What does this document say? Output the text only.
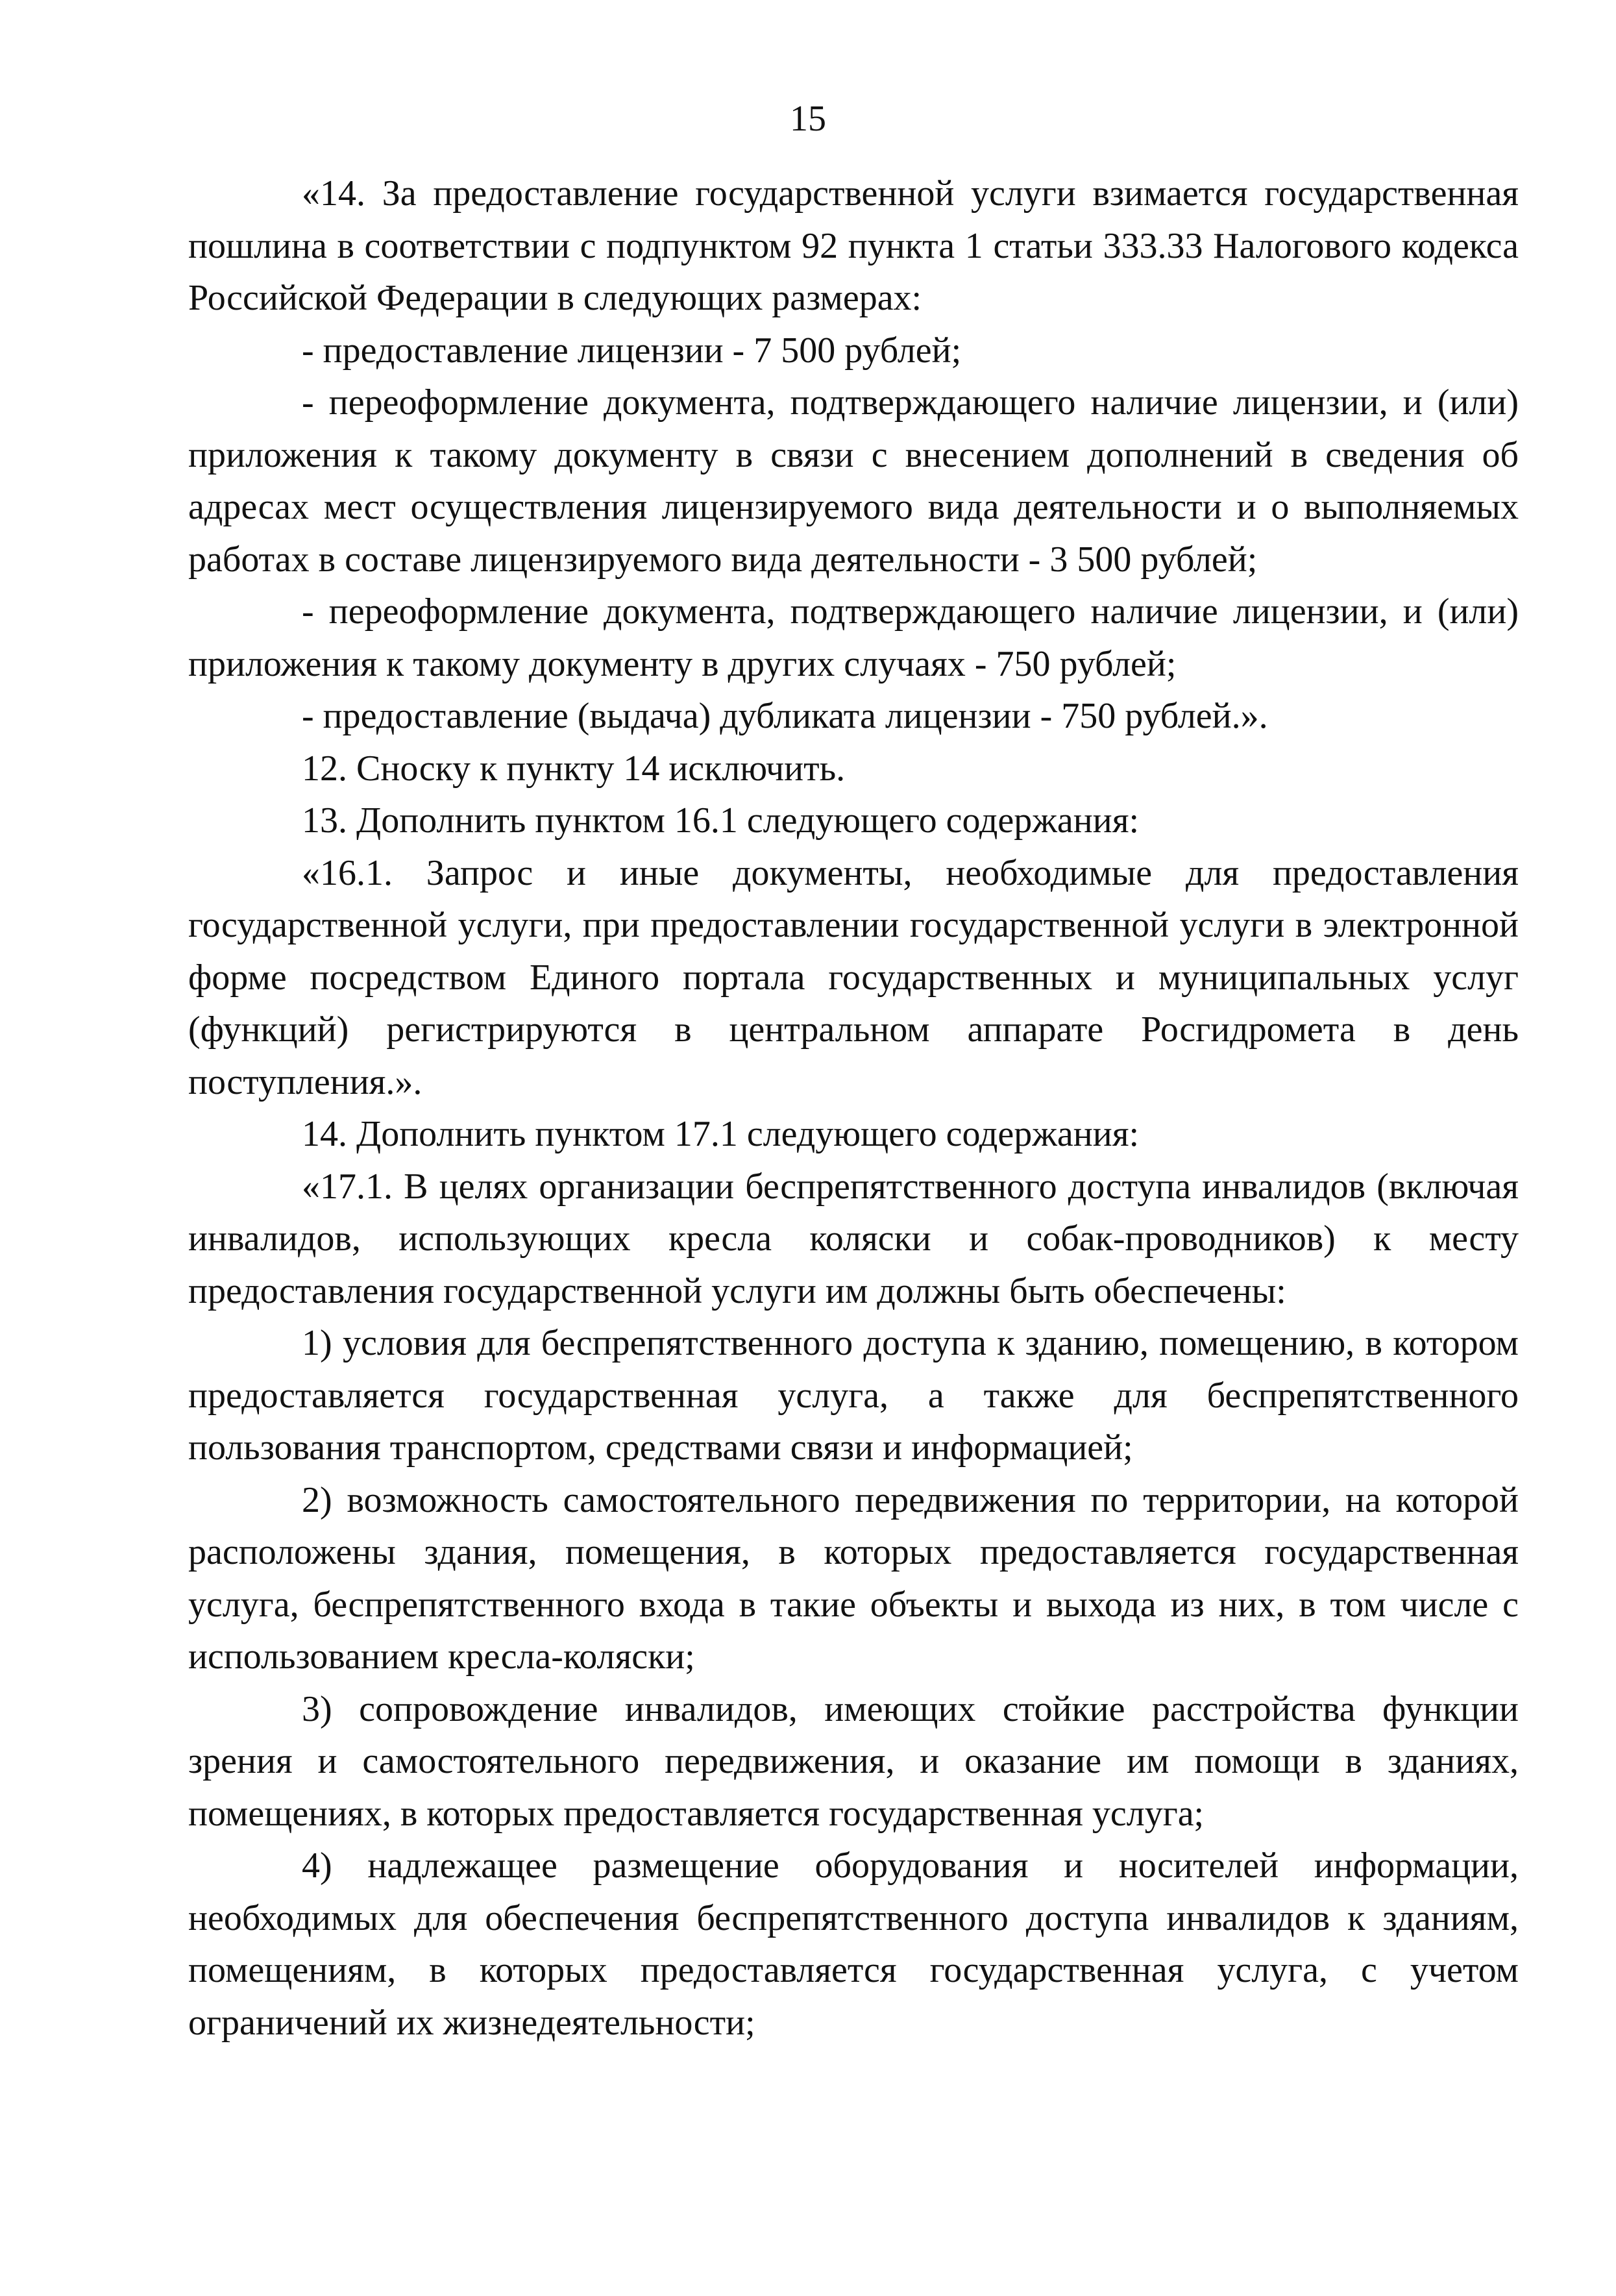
15

«14. За предоставление государственной услуги взимается государственная пошлина в соответствии с подпунктом 92 пункта 1 статьи 333.33 Налогового кодекса Российской Федерации в следующих размерах:

- предоставление лицензии - 7 500 рублей;

- переоформление документа, подтверждающего наличие лицензии, и (или) приложения к такому документу в связи с внесением дополнений в сведения об адресах мест осуществления лицензируемого вида деятельности и о выполняемых работах в составе лицензируемого вида деятельности - 3 500 рублей;

- переоформление документа, подтверждающего наличие лицензии, и (или) приложения к такому документу в других случаях - 750 рублей;

- предоставление (выдача) дубликата лицензии - 750 рублей.».

12. Сноску к пункту 14 исключить.

13. Дополнить пунктом 16.1 следующего содержания:

«16.1. Запрос и иные документы, необходимые для предоставления государственной услуги, при предоставлении государственной услуги в электронной форме посредством Единого портала государственных и муниципальных услуг (функций) регистрируются в центральном аппарате Росгидромета в день поступления.».

14. Дополнить пунктом 17.1 следующего содержания:

«17.1. В целях организации беспрепятственного доступа инвалидов (включая инвалидов, использующих кресла коляски и собак-проводников) к месту предоставления государственной услуги им должны быть обеспечены:

1) условия для беспрепятственного доступа к зданию, помещению, в котором предоставляется государственная услуга, а также для беспрепятственного пользования транспортом, средствами связи и информацией;

2) возможность самостоятельного передвижения по территории, на которой расположены здания, помещения, в которых предоставляется государственная услуга, беспрепятственного входа в такие объекты и выхода из них, в том числе с использованием кресла-коляски;

3) сопровождение инвалидов, имеющих стойкие расстройства функции зрения и самостоятельного передвижения, и оказание им помощи в зданиях, помещениях, в которых предоставляется государственная услуга;

4) надлежащее размещение оборудования и носителей информации, необходимых для обеспечения беспрепятственного доступа инвалидов к зданиям, помещениям, в которых предоставляется государственная услуга, с учетом ограничений их жизнедеятельности;
